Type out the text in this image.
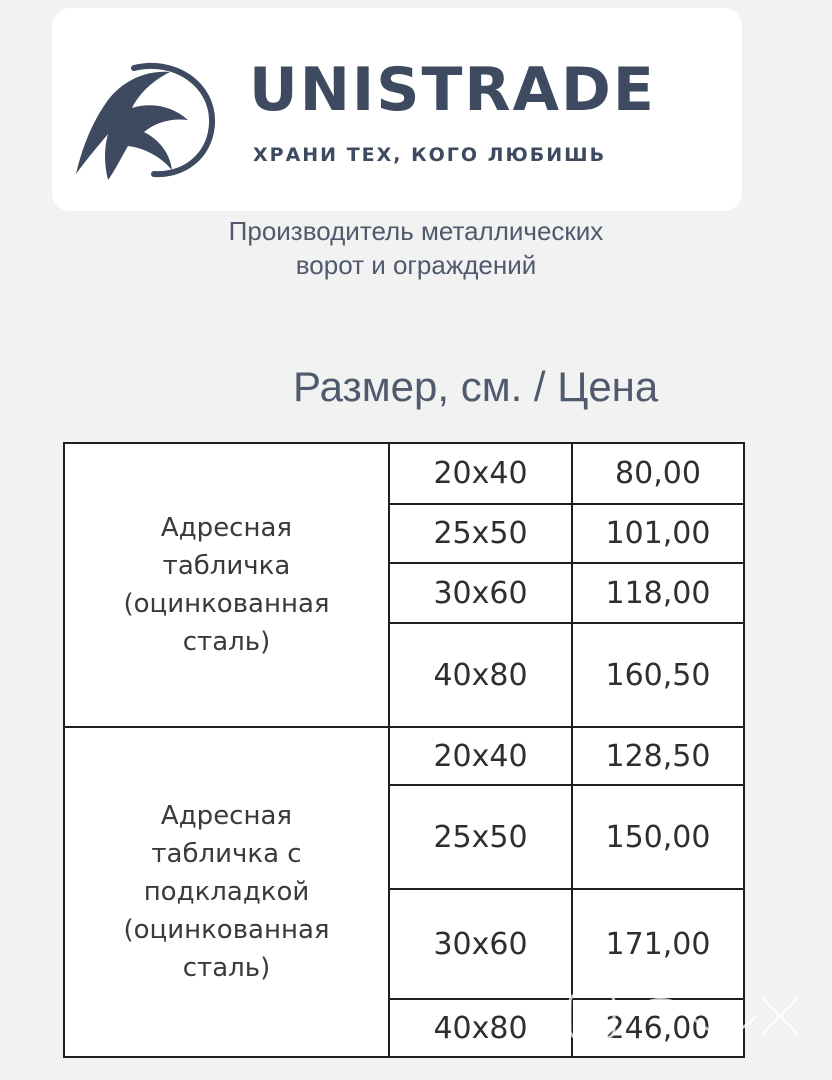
UNISTRADE
ХРАНИ ТЕХ, КОГО ЛЮБИШЬ
Производитель металлических
ворот и ограждений
Размер, см. / Цена
Адресная
табличка
(оцинкованная
сталь)	20x40	80,00
	25x50	101,00
	30x60	118,00
	40x80	160,50

Адресная
табличка с
подкладкой
(оцинкованная
сталь)	20x40	128,50
	25x50	150,00
	30x60	171,00
	40x80	246,00
